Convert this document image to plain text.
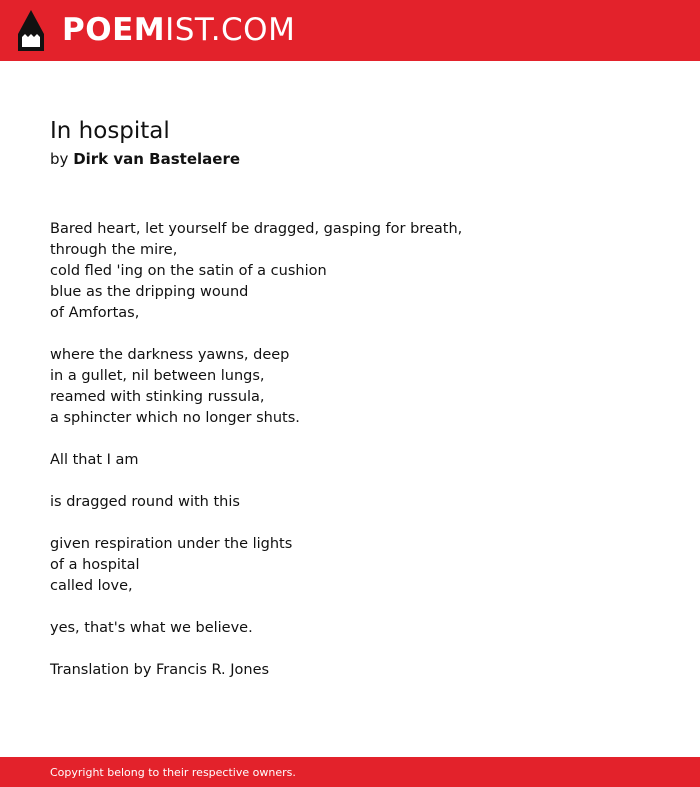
POEMIST.COM
In hospital
by Dirk van Bastelaere
Bared heart, let yourself be dragged, gasping for breath,
through the mire,
cold fled 'ing on the satin of a cushion
blue as the dripping wound
of Amfortas,
where the darkness yawns, deep
in a gullet, nil between lungs,
reamed with stinking russula,
a sphincter which no longer shuts.
All that I am
is dragged round with this
given respiration under the lights
of a hospital
called love,
yes, that's what we believe.
Translation by Francis R. Jones
Copyright belong to their respective owners.
